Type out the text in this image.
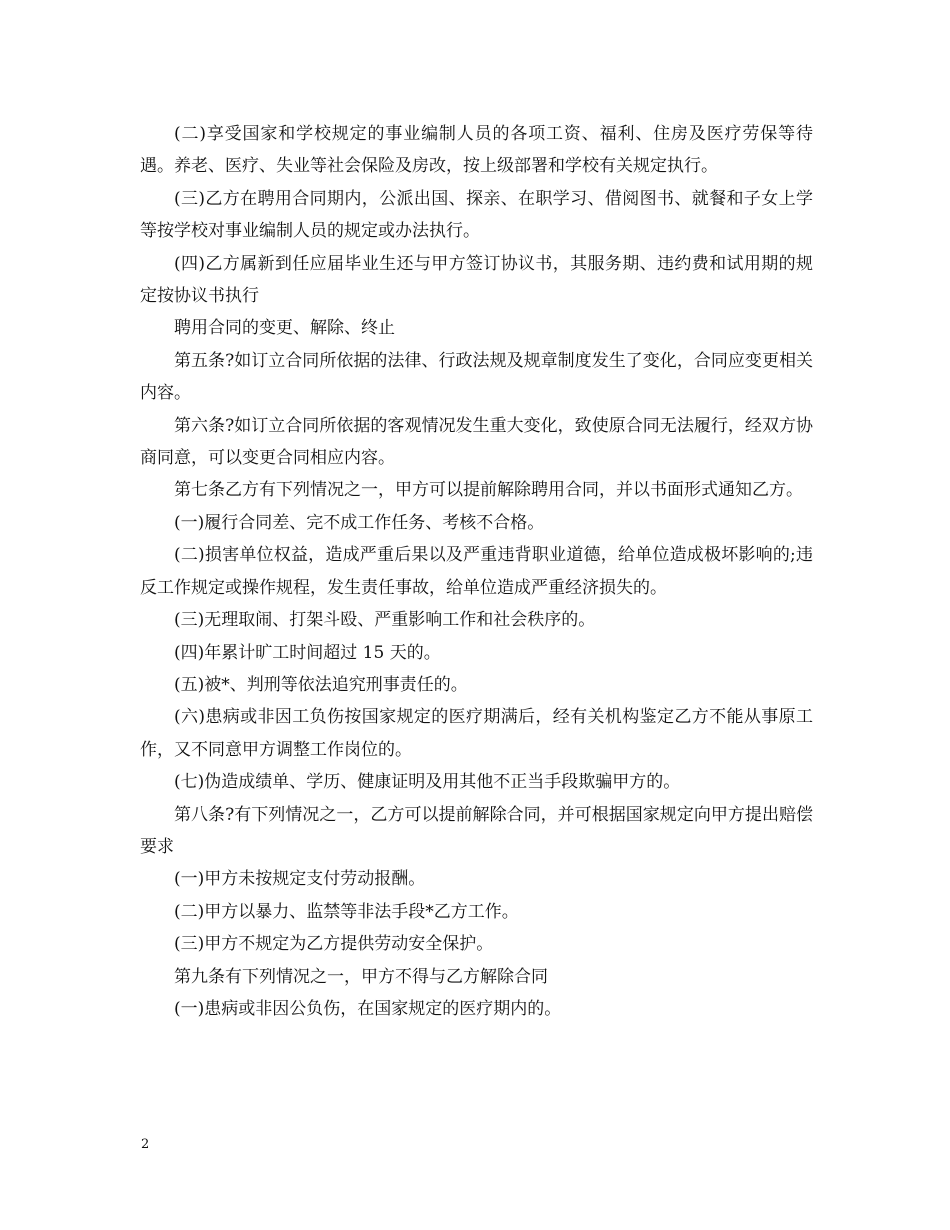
(二)享受国家和学校规定的事业编制人员的各项工资、福利、住房及医疗劳保等待遇。养老、医疗、失业等社会保险及房改，按上级部署和学校有关规定执行。

(三)乙方在聘用合同期内，公派出国、探亲、在职学习、借阅图书、就餐和子女上学等按学校对事业编制人员的规定或办法执行。

(四)乙方属新到任应届毕业生还与甲方签订协议书，其服务期、违约费和试用期的规定按协议书执行

聘用合同的变更、解除、终止

第五条?如订立合同所依据的法律、行政法规及规章制度发生了变化，合同应变更相关内容。

第六条?如订立合同所依据的客观情况发生重大变化，致使原合同无法履行，经双方协商同意，可以变更合同相应内容。

第七条乙方有下列情况之一，甲方可以提前解除聘用合同，并以书面形式通知乙方。

(一)履行合同差、完不成工作任务、考核不合格。

(二)损害单位权益，造成严重后果以及严重违背职业道德，给单位造成极坏影响的;违反工作规定或操作规程，发生责任事故，给单位造成严重经济损失的。

(三)无理取闹、打架斗殴、严重影响工作和社会秩序的。

(四)年累计旷工时间超过 15 天的。

(五)被*、判刑等依法追究刑事责任的。

(六)患病或非因工负伤按国家规定的医疗期满后，经有关机构鉴定乙方不能从事原工作，又不同意甲方调整工作岗位的。

(七)伪造成绩单、学历、健康证明及用其他不正当手段欺骗甲方的。

第八条?有下列情况之一，乙方可以提前解除合同，并可根据国家规定向甲方提出赔偿要求

(一)甲方未按规定支付劳动报酬。

(二)甲方以暴力、监禁等非法手段*乙方工作。

(三)甲方不规定为乙方提供劳动安全保护。

第九条有下列情况之一，甲方不得与乙方解除合同

(一)患病或非因公负伤，在国家规定的医疗期内的。

2
